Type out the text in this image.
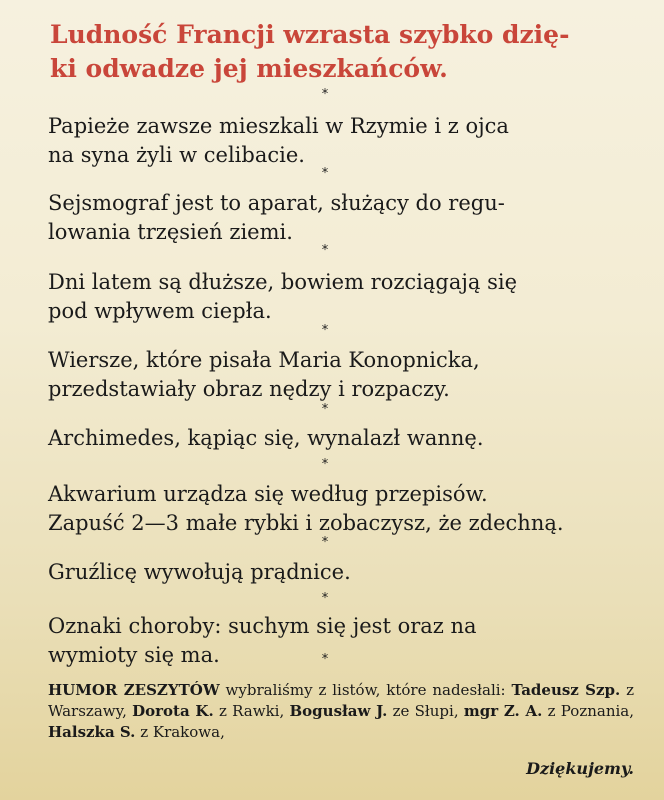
Ludność Francji wzrasta szybko dzię-

ki odwadze jej mieszkańców.
*

Papieże zawsze mieszkali w Rzymie i z ojca
na syna żyli w celibacie.

*

Sejsmograf jest to aparat, służący do regu-
lowania trzęsień ziemi.

*

Dni latem są dłuższe, bowiem rozciągają się
pod wpływem ciepła.

*

Wiersze, które pisała Maria Konopnicka,
przedstawiały obraz nędzy i rozpaczy.

*

Archimedes, kąpiąc się, wynalazł wannę.

*

Akwarium urządza się według przepisów.
Zapuść 2—3 małe rybki i zobaczysz, że zdechną.

*

Gruźlicę wywołują prądnice.

*

Oznaki choroby: suchym się jest oraz na
wymioty się ma.	*

HUMOR ZESZYTÓW wybraliśmy z listów, które nadesłali: Tadeusz Szp. z Warszawy, Dorota K. z Rawki, Bogusław J. ze Słupi, mgr Z. A. z Poznania, Halszka S. z Krakowa,

Dziękujemy.
